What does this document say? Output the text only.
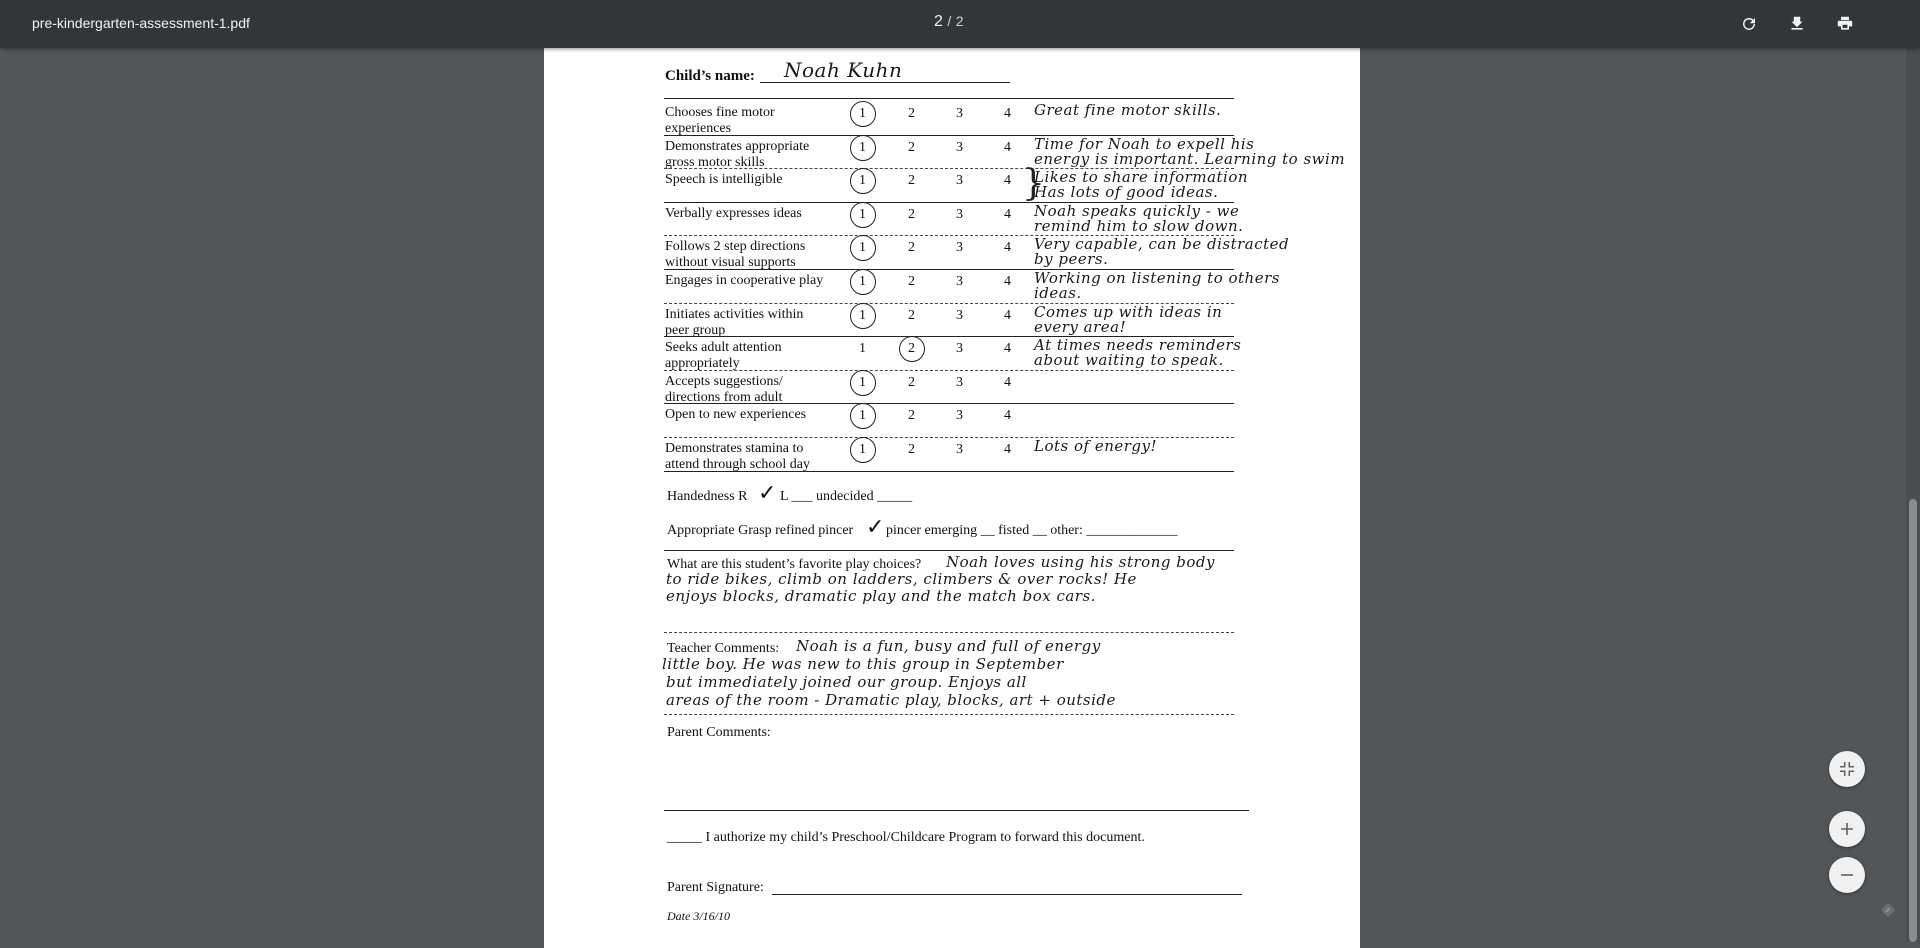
pre-kindergarten-assessment-1.pdf	2 / 2
Child’s name: Noah Kuhn
Chooses fine motor
experiences
1	2	3	4 Great fine motor skills.
Demonstrates appropriate
gross motor skills
1	2	3	4 Time for Noah to expell his
energy is important. Learning to swim
Speech is intelligible	1	2	3	4 Likes to share information
Has lots of good ideas.
Verbally expresses ideas	1	2	3	4 Noah speaks quickly - we
remind him to slow down.
Follows 2 step directions
without visual supports
1	2	3	4 Very capable, can be distracted
by peers.
Engages in cooperative play	1	2	3	4 Working on listening to others
ideas.
Initiates activities within
peer group
1	2	3	4 Comes up with ideas in
every area!
Seeks adult attention
appropriately
1	2	3	4 At times needs reminders
about waiting to speak.
Accepts suggestions/
directions from adult
1	2	3	4
Open to new experiences	1	2	3	4
Demonstrates stamina to
attend through school day
1	2	3	4 Lots of energy!
}
Handedness R ✓ L ___ undecided _____
Appropriate Grasp refined pincer ✓ pincer emerging __ fisted __ other: _____________
What are this student’s favorite play choices? Noah loves using his strong body
to ride bikes, climb on ladders, climbers & over rocks! He
enjoys blocks, dramatic play and the match box cars.
Teacher Comments: Noah is a fun, busy and full of energy
little boy. He was new to this group in September
but immediately joined our group. Enjoys all
areas of the room - Dramatic play, blocks, art + outside
Parent Comments:
_____ I authorize my child’s Preschool/Childcare Program to forward this document.
Parent Signature:
Date 3/16/10
